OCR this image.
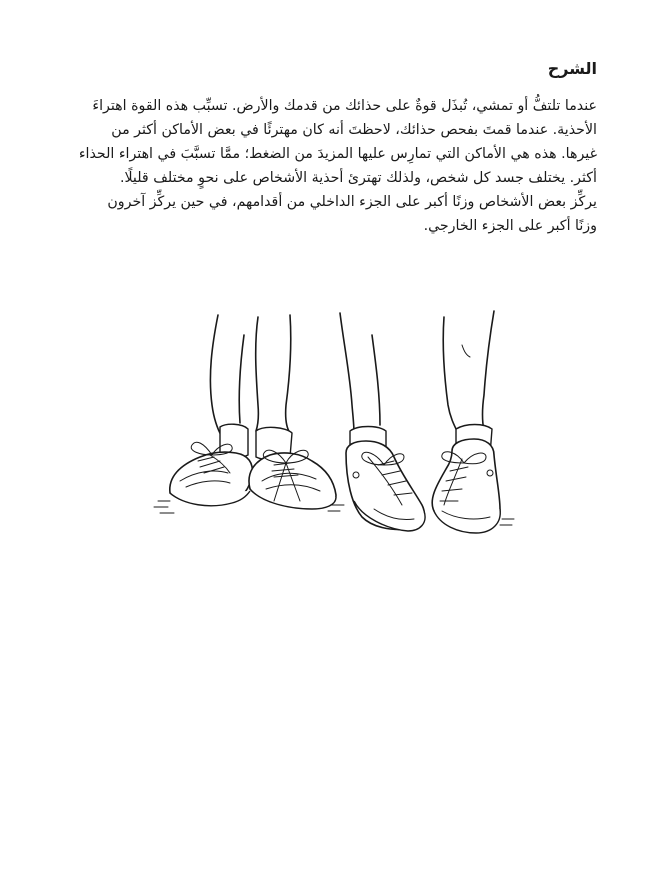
الشرح

عندما تلتفُّ أو تمشي، تُبذَل قوةٌ على حذائك من قدمك والأرض. تسبِّب هذه القوة اهتراءَ
الأحذية. عندما قمتَ بفحص حذائك، لاحظتَ أنه كان مهترئًا في بعض الأماكن أكثر من
غيرها. هذه هي الأماكن التي تمارِس عليها المزيدَ من الضغط؛ ممَّا تسبَّبَ في اهتراء الحذاء
أكثر. يختلف جسد كل شخص، ولذلك تهترئ أحذية الأشخاص على نحوٍ مختلف قليلًا.
يركِّز بعض الأشخاص وزنًا أكبر على الجزء الداخلي من أقدامهم، في حين يركِّز آخرون
وزنًا أكبر على الجزء الخارجي.
